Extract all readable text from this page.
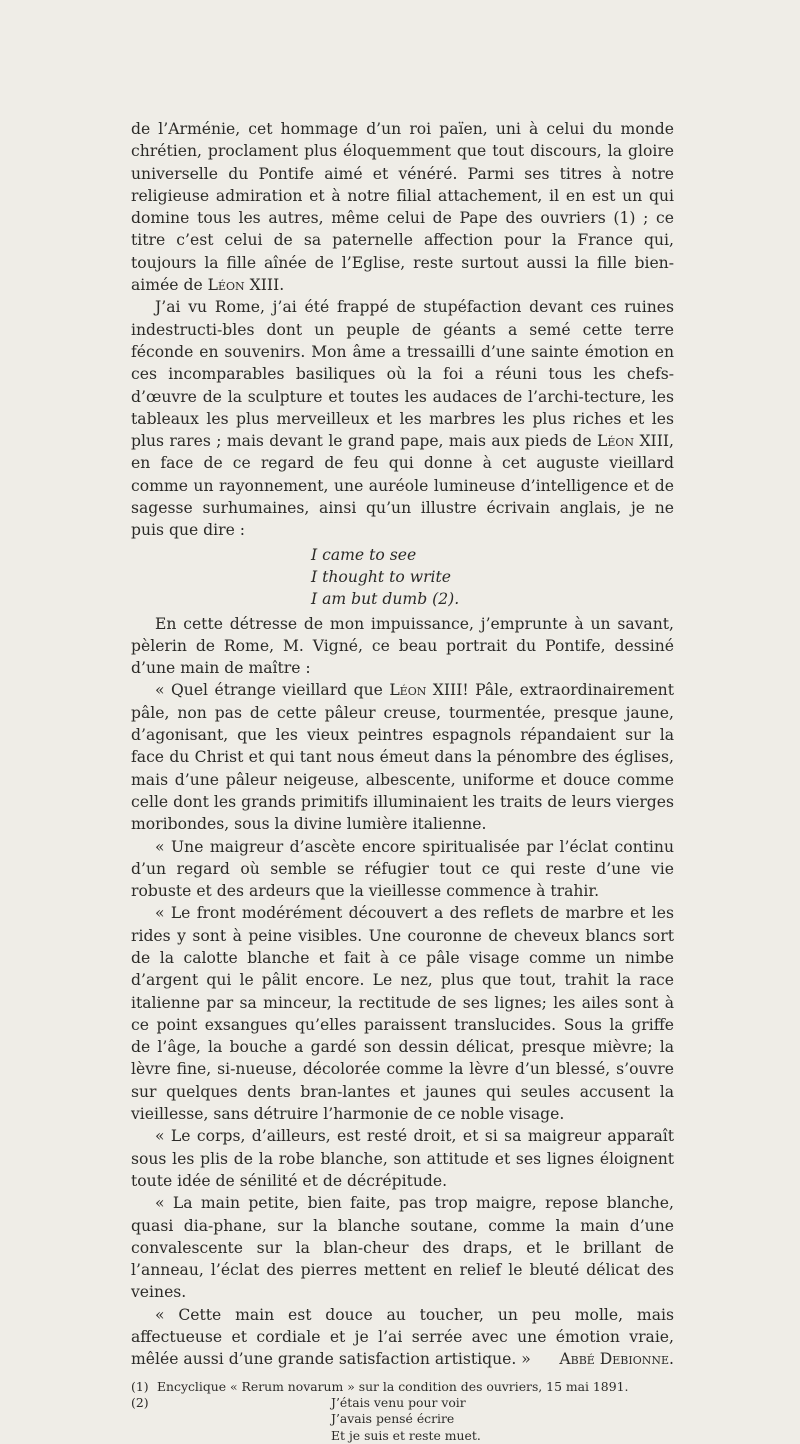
de l’Arménie, cet hommage d’un roi païen, uni à celui du monde chrétien, proclament plus éloquemment que tout discours, la gloire universelle du Pontife aimé et vénéré. Parmi ses titres à notre religieuse admiration et à notre filial attachement, il en est un qui domine tous les autres, même celui de Pape des ouvriers (1) ; ce titre c’est celui de sa paternelle affection pour la France qui, toujours la fille aînée de l’Eglise, reste surtout aussi la fille bien-aimée de Léon XIII.

J’ai vu Rome, j’ai été frappé de stupéfaction devant ces ruines indestructi-bles dont un peuple de géants a semé cette terre féconde en souvenirs. Mon âme a tressailli d’une sainte émotion en ces incomparables basiliques où la foi a réuni tous les chefs-d’œuvre de la sculpture et toutes les audaces de l’archi-tecture, les tableaux les plus merveilleux et les marbres les plus riches et les plus rares ; mais devant le grand pape, mais aux pieds de Léon XIII, en face de ce regard de feu qui donne à cet auguste vieillard comme un rayonnement, une auréole lumineuse d’intelligence et de sagesse surhumaines, ainsi qu’un illustre écrivain anglais, je ne puis que dire :

I came to see
I thought to write
I am but dumb (2).

En cette détresse de mon impuissance, j’emprunte à un savant, pèlerin de Rome, M. Vigné, ce beau portrait du Pontife, dessiné d’une main de maître :

« Quel étrange vieillard que Léon XIII! Pâle, extraordinairement pâle, non pas de cette pâleur creuse, tourmentée, presque jaune, d’agonisant, que les vieux peintres espagnols répandaient sur la face du Christ et qui tant nous émeut dans la pénombre des églises, mais d’une pâleur neigeuse, albescente, uniforme et douce comme celle dont les grands primitifs illuminaient les traits de leurs vierges moribondes, sous la divine lumière italienne.

« Une maigreur d’ascète encore spiritualisée par l’éclat continu d’un regard où semble se réfugier tout ce qui reste d’une vie robuste et des ardeurs que la vieillesse commence à trahir.

« Le front modérément découvert a des reflets de marbre et les rides y sont à peine visibles. Une couronne de cheveux blancs sort de la calotte blanche et fait à ce pâle visage comme un nimbe d’argent qui le pâlit encore. Le nez, plus que tout, trahit la race italienne par sa minceur, la rectitude de ses lignes; les ailes sont à ce point exsangues qu’elles paraissent translucides. Sous la griffe de l’âge, la bouche a gardé son dessin délicat, presque mièvre; la lèvre fine, si-nueuse, décolorée comme la lèvre d’un blessé, s’ouvre sur quelques dents bran-lantes et jaunes qui seules accusent la vieillesse, sans détruire l’harmonie de ce noble visage.

« Le corps, d’ailleurs, est resté droit, et si sa maigreur apparaît sous les plis de la robe blanche, son attitude et ses lignes éloignent toute idée de sénilité et de décrépitude.

« La main petite, bien faite, pas trop maigre, repose blanche, quasi dia-phane, sur la blanche soutane, comme la main d’une convalescente sur la blan-cheur des draps, et le brillant de l’anneau, l’éclat des pierres mettent en relief le bleuté délicat des veines.

« Cette main est douce au toucher, un peu molle, mais affectueuse et cordiale et je l’ai serrée avec une émotion vraie, mêlée aussi d’une grande satisfaction artistique. »	Abbé Debionne.

(1) Encyclique « Rerum novarum » sur la condition des ouvriers, 15 mai 1891.
(2)	J’étais venu pour voir
J’avais pensé écrire
Et je suis et reste muet.
